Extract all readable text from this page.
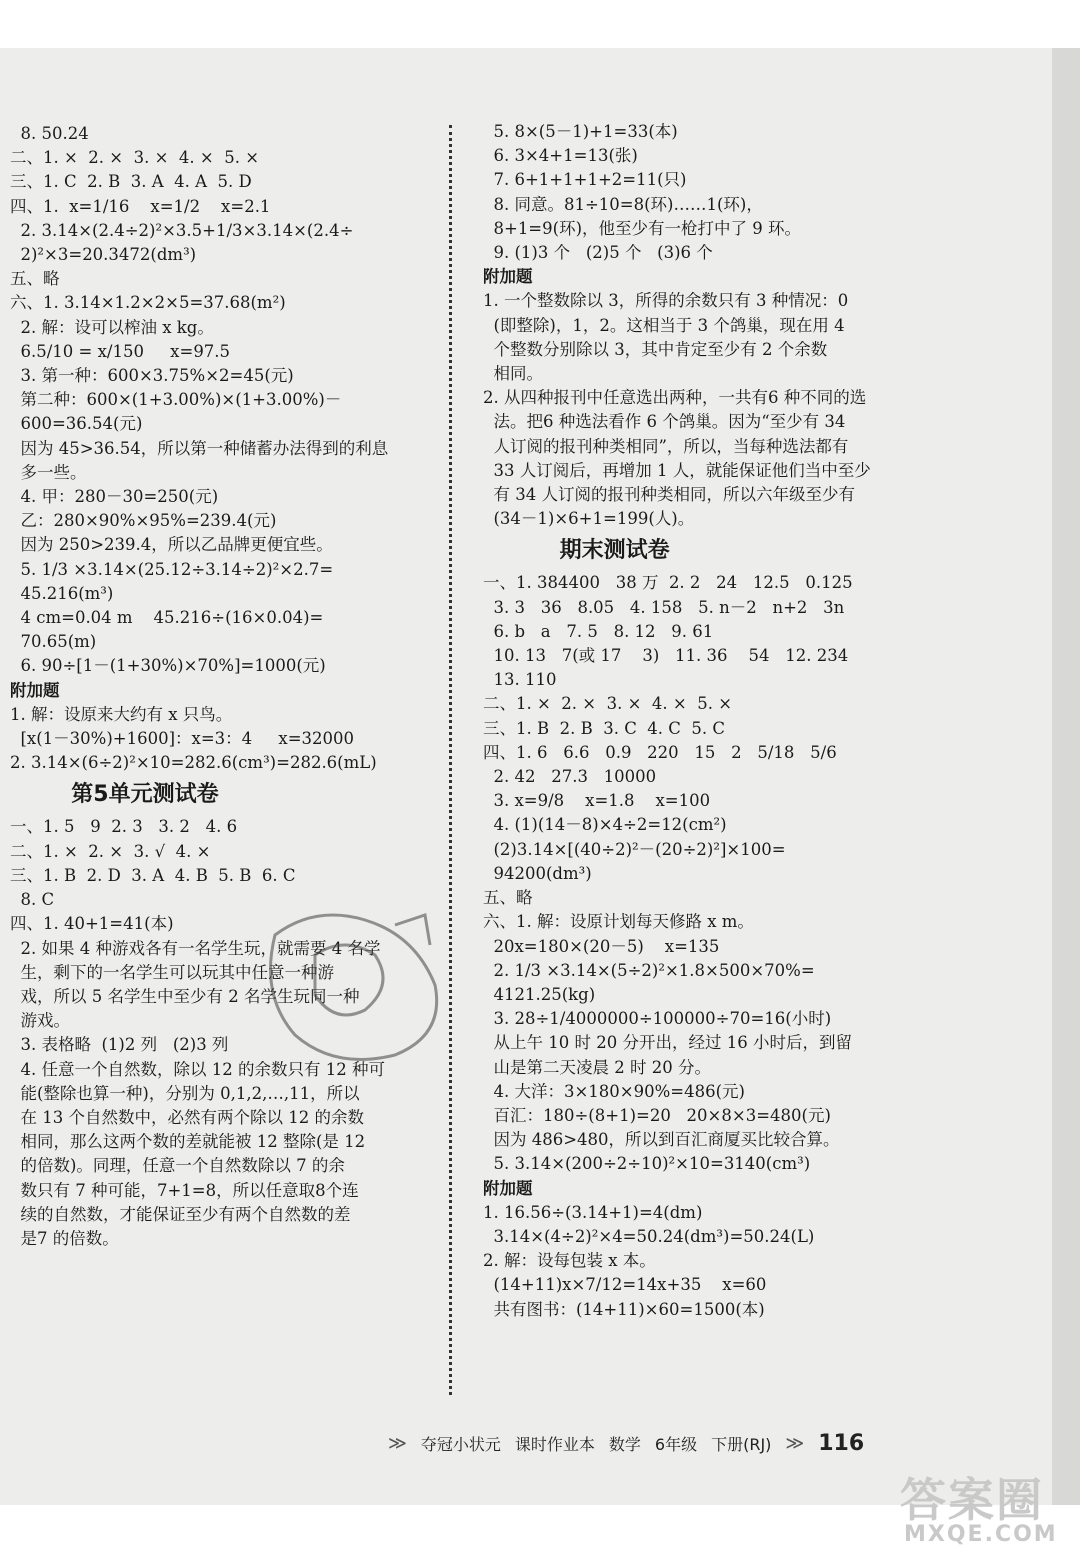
8. 50.24
二、1. ×  2. ×  3. ×  4. ×  5. ×
三、1. C  2. B  3. A  4. A  5. D
四、1.  x=1/16    x=1/2    x=2.1
2. 3.14×(2.4÷2)²×3.5+1/3×3.14×(2.4÷
2)²×3=20.3472(dm³)
五、略
六、1. 3.14×1.2×2×5=37.68(m²)
2. 解：设可以榨油 x kg。
6.5/10 = x/150     x=97.5
3. 第一种：600×3.75%×2=45(元)
第二种：600×(1+3.00%)×(1+3.00%)－
600=36.54(元)
因为 45>36.54，所以第一种储蓄办法得到的利息
多一些。
4. 甲：280－30=250(元)
乙：280×90%×95%=239.4(元)
因为 250>239.4，所以乙品牌更便宜些。
5. 1/3 ×3.14×(25.12÷3.14÷2)²×2.7=
45.216(m³)
4 cm=0.04 m    45.216÷(16×0.04)=
70.65(m)
6. 90÷[1－(1+30%)×70%]=1000(元)
附加题
1. 解：设原来大约有 x 只鸟。
[x(1－30%)+1600]：x=3：4     x=32000
2. 3.14×(6÷2)²×10=282.6(cm³)=282.6(mL)
第5单元测试卷
一、1. 5   9  2. 3   3. 2   4. 6
二、1. ×  2. ×  3. √  4. ×
三、1. B  2. D  3. A  4. B  5. B  6. C
8. C
四、1. 40+1=41(本)
2. 如果 4 种游戏各有一名学生玩，就需要 4 名学
生，剩下的一名学生可以玩其中任意一种游
戏，所以 5 名学生中至少有 2 名学生玩同一种
游戏。
3. 表格略  (1)2 列   (2)3 列
4. 任意一个自然数，除以 12 的余数只有 12 种可
能(整除也算一种)，分别为 0,1,2,…,11，所以
在 13 个自然数中，必然有两个除以 12 的余数
相同，那么这两个数的差就能被 12 整除(是 12
的倍数)。同理，任意一个自然数除以 7 的余
数只有 7 种可能，7+1=8，所以任意取8个连
续的自然数，才能保证至少有两个自然数的差
是7 的倍数。
5. 8×(5－1)+1=33(本)
6. 3×4+1=13(张)
7. 6+1+1+1+2=11(只)
8. 同意。81÷10=8(环)……1(环)，
8+1=9(环)，他至少有一枪打中了 9 环。
9. (1)3 个   (2)5 个   (3)6 个
附加题
1. 一个整数除以 3，所得的余数只有 3 种情况：0
(即整除)，1，2。这相当于 3 个鸽巢，现在用 4
个整数分别除以 3，其中肯定至少有 2 个余数
相同。
2. 从四种报刊中任意选出两种，一共有6 种不同的选
法。把6 种选法看作 6 个鸽巢。因为“至少有 34
人订阅的报刊种类相同”，所以，当每种选法都有
33 人订阅后，再增加 1 人，就能保证他们当中至少
有 34 人订阅的报刊种类相同，所以六年级至少有
(34－1)×6+1=199(人)。
期末测试卷
一、1. 384400   38 万  2. 2   24   12.5   0.125
3. 3   36   8.05   4. 158   5. n－2   n+2   3n
6. b   a   7. 5   8. 12   9. 61
10. 13   7(或 17    3)   11. 36    54   12. 234
13. 110
二、1. ×  2. ×  3. ×  4. ×  5. ×
三、1. B  2. B  3. C  4. C  5. C
四、1. 6   6.6   0.9   220   15   2   5/18   5/6
2. 42   27.3   10000
3. x=9/8    x=1.8    x=100
4. (1)(14－8)×4÷2=12(cm²)
(2)3.14×[(40÷2)²－(20÷2)²]×100=
94200(dm³)
五、略
六、1. 解：设原计划每天修路 x m。
20x=180×(20－5)    x=135
2. 1/3 ×3.14×(5÷2)²×1.8×500×70%=
4121.25(kg)
3. 28÷1/4000000÷100000÷70=16(小时)
从上午 10 时 20 分开出，经过 16 小时后，到留
山是第二天凌晨 2 时 20 分。
4. 大洋：3×180×90%=486(元)
百汇：180÷(8+1)=20   20×8×3=480(元)
因为 486>480，所以到百汇商厦买比较合算。
5. 3.14×(200÷2÷10)²×10=3140(cm³)
附加题
1. 16.56÷(3.14+1)=4(dm)
3.14×(4÷2)²×4=50.24(dm³)=50.24(L)
2. 解：设每包装 x 本。
(14+11)x×7/12=14x+35    x=60
共有图书：(14+11)×60=1500(本)
≫ 夺冠小状元 课时作业本 数学 6年级 下册(RJ) ≫ 116
答案圈
MXQE.COM
